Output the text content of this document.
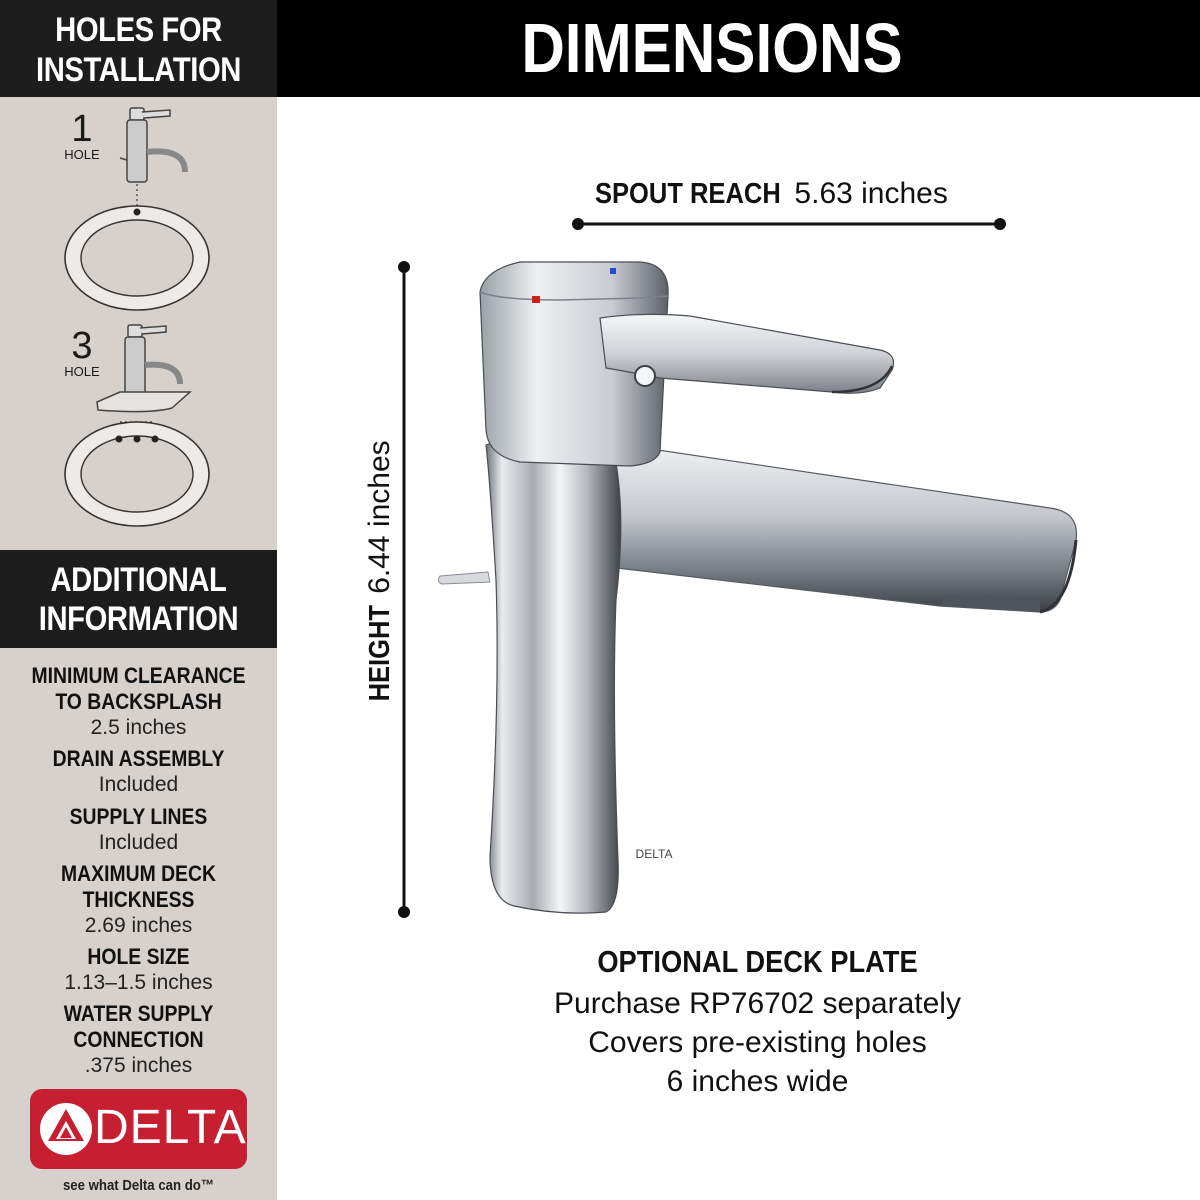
HOLES FOR
INSTALLATION
1
HOLE
3
HOLE
ADDITIONAL
INFORMATION
MINIMUM CLEARANCE
TO BACKSPLASH
2.5 inches
DRAIN ASSEMBLY
Included
SUPPLY LINES
Included
MAXIMUM DECK
THICKNESS
2.69 inches
HOLE SIZE
1.13–1.5 inches
WATER SUPPLY
CONNECTION
.375 inches
DELTA
see what Delta can do™
DIMENSIONS
SPOUT REACH 5.63 inches
HEIGHT 6.44 inches
DELTA
OPTIONAL DECK PLATE
Purchase RP76702 separately
Covers pre-existing holes
6 inches wide
